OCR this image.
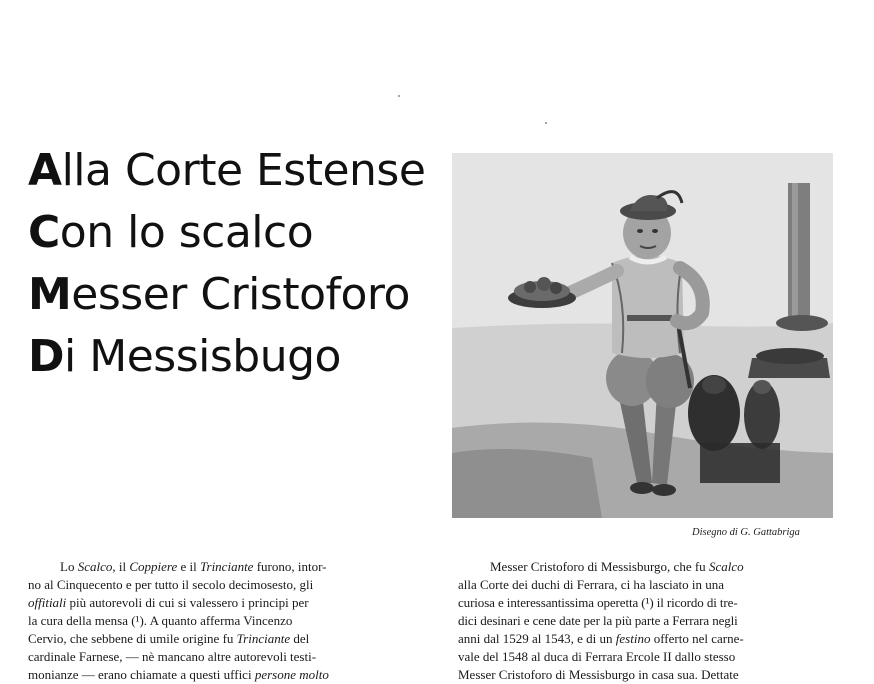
Alla Corte Estense
Con lo scalco
Messer Cristoforo
Di Messisbugo
Disegno di G. Gattabriga

Lo Scalco, il Coppiere e il Trinciante furono, intor-
no al Cinquecento e per tutto il secolo decimosesto, gli
offitiali più autorevoli di cui si valessero i principi per
la cura della mensa (¹). A quanto afferma Vincenzo
Cervio, che sebbene di umile origine fu Trinciante del
cardinale Farnese, — nè mancano altre autorevoli testi-
monianze — erano chiamate a questi uffici persone molto

Messer Cristoforo di Messisburgo, che fu Scalco
alla Corte dei duchi di Ferrara, ci ha lasciato in una
curiosa e interessantissima operetta (¹) il ricordo di tre-
dici desinari e cene date per la più parte a Ferrara negli
anni dal 1529 al 1543, e di un festino offerto nel carne-
vale del 1548 al duca di Ferrara Ercole II dallo stesso
Messer Cristoforo di Messisburgo in casa sua. Dettate
